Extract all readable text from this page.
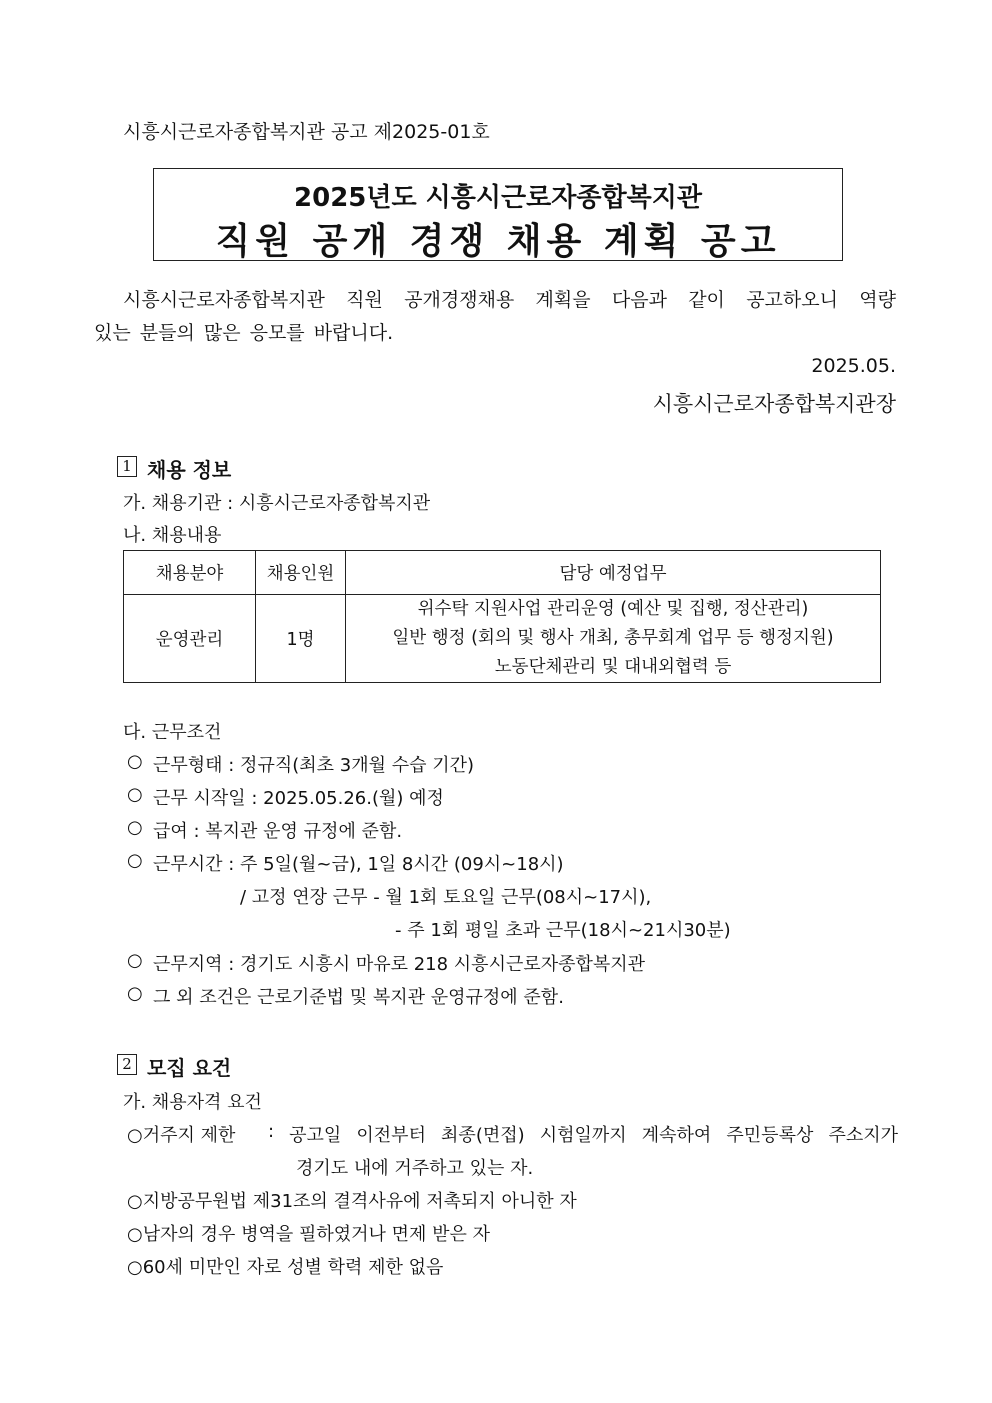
시흥시근로자종합복지관 공고 제2025-01호
2025년도 시흥시근로자종합복지관
직원 공개 경쟁 채용 계획 공고
시흥시근로자종합복지관 직원 공개경쟁채용 계획을 다음과 같이 공고하오니 역량
있는 분들의 많은 응모를 바랍니다.
2025.05.
시흥시근로자종합복지관장
1 채용 정보
가. 채용기관 : 시흥시근로자종합복지관
나. 채용내용
채용분야	채용인원	담당 예정업무
운영관리	1명	위수탁 지원사업 관리운영 (예산 및 집행, 정산관리)
일반 행정 (회의 및 행사 개최, 총무회계 업무 등 행정지원)
노동단체관리 및 대내외협력 등
다. 근무조건
○ 근무형태 : 정규직(최초 3개월 수습 기간)
○ 근무 시작일 : 2025.05.26.(월) 예정
○ 급여 : 복지관 운영 규정에 준함.
○ 근무시간 : 주 5일(월~금), 1일 8시간 (09시~18시)
/ 고정 연장 근무 - 월 1회 토요일 근무(08시~17시),
- 주 1회 평일 초과 근무(18시~21시30분)
○ 근무지역 : 경기도 시흥시 마유로 218 시흥시근로자종합복지관
○ 그 외 조건은 근로기준법 및 복지관 운영규정에 준함.
2 모집 요건
가. 채용자격 요건
○거주지 제한 : 공고일 이전부터 최종(면접) 시험일까지 계속하여 주민등록상 주소지가
경기도 내에 거주하고 있는 자.
○지방공무원법 제31조의 결격사유에 저촉되지 아니한 자
○남자의 경우 병역을 필하였거나 면제 받은 자
○60세 미만인 자로 성별 학력 제한 없음
